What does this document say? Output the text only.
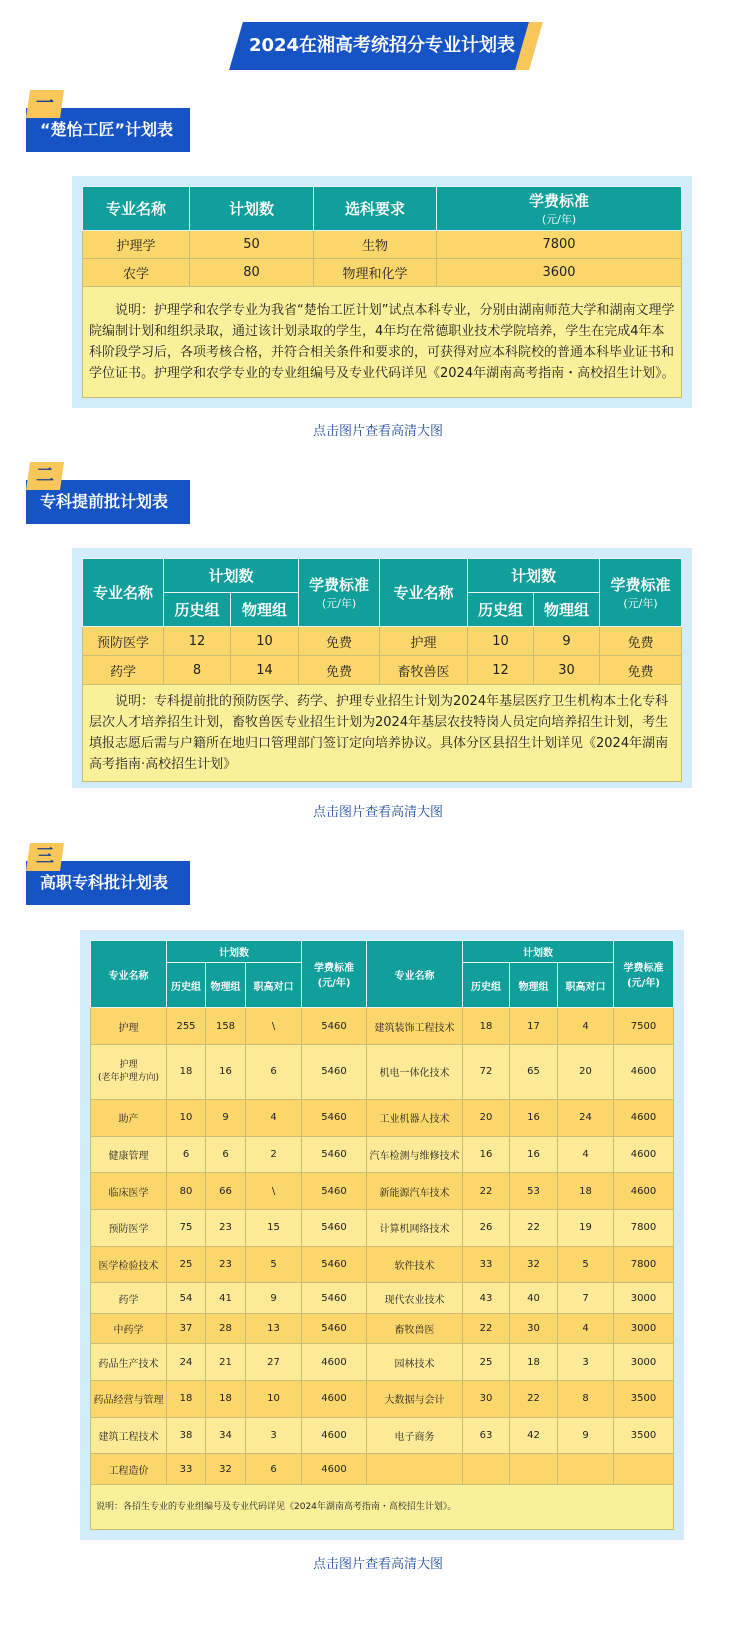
2024在湘高考统招分专业计划表
“楚怡工匠”计划表
一
专业名称	计划数	选科要求	学费标准
(元/年)

护理学	50	生物	7800
农学	80	物理和化学	3600
说明：护理学和农学专业为我省“楚怡工匠计划”试点本科专业，分别由湖南师范大学和湖南文理学院编制计划和组织录取，通过该计划录取的学生，4年均在常德职业技术学院培养，学生在完成4年本科阶段学习后，各项考核合格，并符合相关条件和要求的，可获得对应本科院校的普通本科毕业证书和学位证书。护理学和农学专业的专业组编号及专业代码详见《2024年湖南高考指南・高校招生计划》。			
点击图片查看高清大图
专科提前批计划表
二
专业名称	计划数		学费标准
(元/年)	专业名称	计划数		学费标准
(元/年)

	历史组	物理组			历史组	物理组	
预防医学	12	10	免费	护理	10	9	免费
药学	8	14	免费	畜牧兽医	12	30	免费
说明：专科提前批的预防医学、药学、护理专业招生计划为2024年基层医疗卫生机构本土化专科层次人才培养招生计划，畜牧兽医专业招生计划为2024年基层农技特岗人员定向培养招生计划，考生填报志愿后需与户籍所在地归口管理部门签订定向培养协议。具体分区县招生计划详见《2024年湖南高考指南·高校招生计划》							
点击图片查看高清大图
高职专科批计划表
三
专业名称	计划数			学费标准
(元/年)	专业名称	计划数			学费标准
(元/年)

	历史组	物理组	职高对口			历史组	物理组	职高对口	
护理	255	158	\	5460	建筑装饰工程技术	18	17	4	7500
护理
(老年护理方向)	18	16	6	5460	机电一体化技术	72	65	20	4600
助产	10	9	4	5460	工业机器人技术	20	16	24	4600
健康管理	6	6	2	5460	汽车检测与维修技术	16	16	4	4600
临床医学	80	66	\	5460	新能源汽车技术	22	53	18	4600
预防医学	75	23	15	5460	计算机网络技术	26	22	19	7800
医学检验技术	25	23	5	5460	软件技术	33	32	5	7800
药学	54	41	9	5460	现代农业技术	43	40	7	3000
中药学	37	28	13	5460	畜牧兽医	22	30	4	3000
药品生产技术	24	21	27	4600	园林技术	25	18	3	3000
药品经营与管理	18	18	10	4600	大数据与会计	30	22	8	3500
建筑工程技术	38	34	3	4600	电子商务	63	42	9	3500
工程造价	33	32	6	4600					
说明：各招生专业的专业组编号及专业代码详见《2024年湖南高考指南・高校招生计划》。									
点击图片查看高清大图
